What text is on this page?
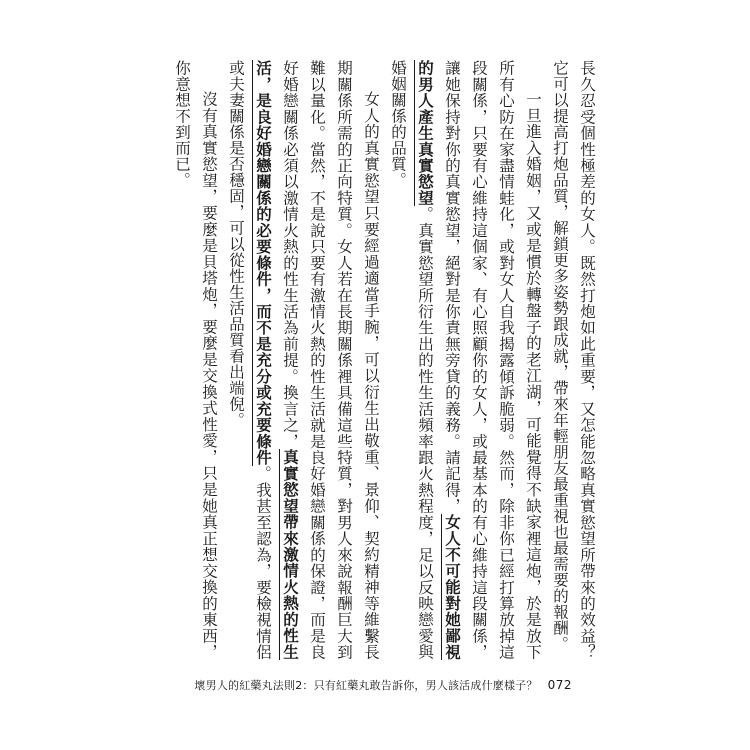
長久忍受個性極差的女人。既然打炮如此重要，又怎能忽略真實慾望所帶來的效益？它可以提高打炮品質，解鎖更多姿勢跟成就，帶來年輕朋友最重視也最需要的報酬。

一旦進入婚姻，又或是慣於轉盤子的老江湖，可能覺得不缺家裡這炮，於是放下所有心防在家盡情蛙化，或對女人自我揭露傾訴脆弱。然而，除非你已經打算放掉這段關係，只要有心維持這個家、有心照顧你的女人，或最基本的有心維持這段關係，讓她保持對你的真實慾望，絕對是你責無旁貸的義務。請記得，女人不可能對她鄙視的男人產生真實慾望。真實慾望所衍生出的性生活頻率跟火熱程度，足以反映戀愛與婚姻關係的品質。

女人的真實慾望只要經過適當手腕，可以衍生出敬重、景仰、契約精神等維繫長期關係所需的正向特質。女人若在長期關係裡具備這些特質，對男人來說報酬巨大到難以量化。當然，不是說只要有激情火熱的性生活就是良好婚戀關係的保證，而是良好婚戀關係必須以激情火熱的性生活為前提。換言之，真實慾望帶來激情火熱的性生活，是良好婚戀關係的必要條件，而不是充分或充要條件。我甚至認為，要檢視情侶或夫妻關係是否穩固，可以從性生活品質看出端倪。

沒有真實慾望，要麼是貝塔炮，要麼是交換式性愛，只是她真正想交換的東西，你意想不到而已。

壞男人的紅藥丸法則2：只有紅藥丸敢告訴你，男人該活成什麼樣子？ 072
